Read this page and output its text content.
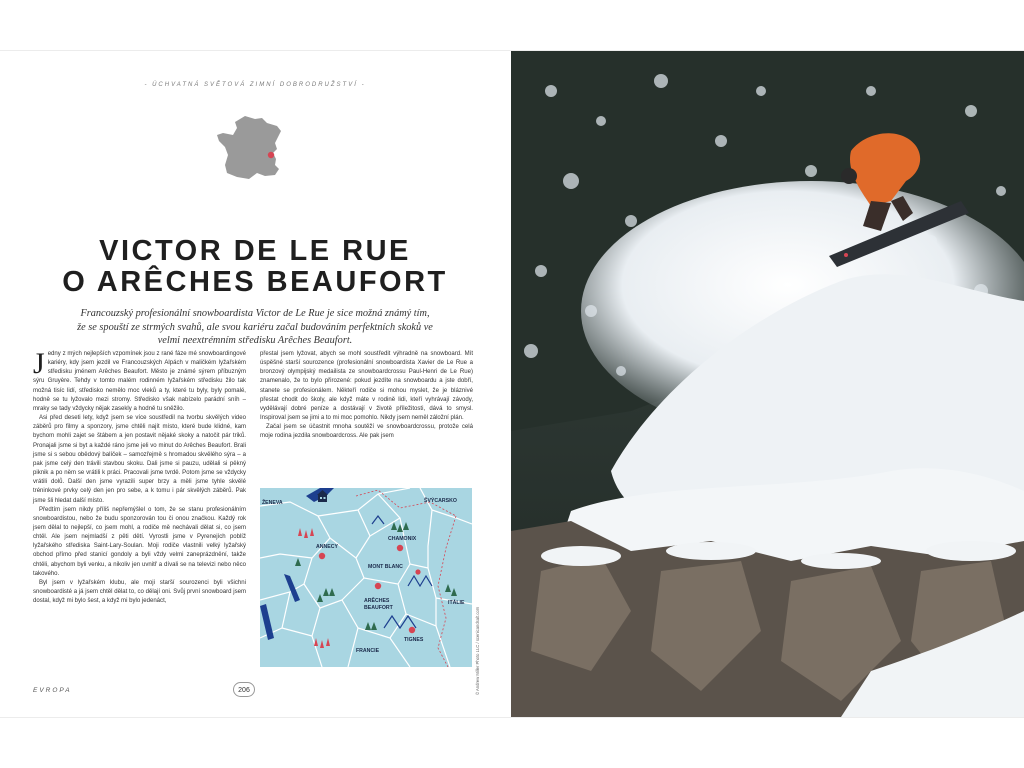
- ÚCHVATNÁ SVĚTOVÁ ZIMNÍ DOBRODRUŽSTVÍ -
VICTOR DE LE RUE
O ARÊCHES BEAUFORT
Francouzský profesionální snowboardista Victor de Le Rue je sice možná známý tím, že se spouští ze strmých svahů, ale svou kariéru začal budováním perfektních skoků ve velmi neextrémním středisku Arêches Beaufort.

Jedny z mých nejlepších vzpomínek jsou z rané fáze mé snowboardingové kariéry, kdy jsem jezdil ve Francouzských Alpách v maličkém lyžařském středisku jménem Arêches Beaufort. Město je známé sýrem příbuzným sýru Gruyère. Tehdy v tomto malém rodinném lyžařském středisku žilo tak možná tisíc lidí, středisko nemělo moc vleků a ty, které tu byly, byly pomalé, hodně se tu lyžovalo mezi stromy. Středisko však nabízelo parádní sníh – mraky se tady vždycky nějak zasekly a hodně tu sněžilo.

Asi před deseti lety, když jsem se více soustředil na tvorbu skvělých video záběrů pro filmy a sponzory, jsme chtěli najít místo, které bude klidné, kam bychom mohli zajet se štábem a jen postavit nějaké skoky a natočit pár triků. Pronajali jsme si byt a každé ráno jsme jeli vo minut do Arêches Beaufort. Brali jsme si s sebou obědový balíček – samozřejmě s hromadou skvělého sýra – a pak jsme celý den trávili stavbou skoku. Dali jsme si pauzu, udělali si pěkný piknik a po něm se vrátili k práci. Pracovali jsme tvrdě. Potom jsme se vždycky vrátili dolů. Další den jsme vyrazili super brzy a měli jsme tyhle skvělé tréninkové prvky celý den jen pro sebe, a k tomu i pár skvělých záběrů. Pak jsme šli hledat další místo.

Předtím jsem nikdy příliš nepřemýšlel o tom, že se stanu profesionálním snowboardistou, nebo že budu sponzorován tou či onou značkou. Každý rok jsem dělal to nejlepší, co jsem mohl, a rodiče mě nechávali dělat si, co jsem chtěl. Ale jsem nejmladší z pěti dětí. Vyrostli jsme v Pyrenejích poblíž lyžařského střediska Saint-Lary-Soulan. Moji rodiče vlastnili velký lyžařský obchod přímo před stanicí gondoly a byli vždy velmi zaneprázdnění, takže chtěli, abychom byli venku, a nikoliv jen uvnitř a dívali se na televizi nebo něco takového.

Byl jsem v lyžařském klubu, ale moji starší sourozenci byli všichni snowboardisté a já jsem chtěl dělat to, co dělají oni. Svůj první snowboard jsem dostal, když mi bylo šest, a když mi bylo jedenáct,

přestal jsem lyžovat, abych se mohl soustředit výhradně na snowboard. Mít úspěšné starší sourozence (profesionální snowboardista Xavier de Le Rue a bronzový olympijský medailista ze snowboardcrossu Paul-Henri de Le Rue) znamenalo, že to bylo přirozené: pokud jezdíte na snowboardu a jste dobří, stanete se profesionálem. Někteří rodiče si mohou myslet, že je bláznivé přestat chodit do školy, ale když máte v rodině lidi, kteří vyhrávají závody, vydělávají dobré peníze a dostávají v životě příležitosti, dává to smysl. Inspiroval jsem se jimi a to mi moc pomohlo. Nikdy jsem neměl záložní plán.

Začal jsem se účastnit mnoha soutěží ve snowboardcrossu, protože celá moje rodina jezdila snowboardcross. Ale pak jsem

ŽENEVA	ŠVÝCARSKO
ANNECY
CHAMONIX
MONT BLANC
ARÊCHES
BEAUFORT
ITÁLIE
TIGNES
FRANCIE
EVROPA	206	© Andrew Miller Photo LLC / scenicandsalt.com
